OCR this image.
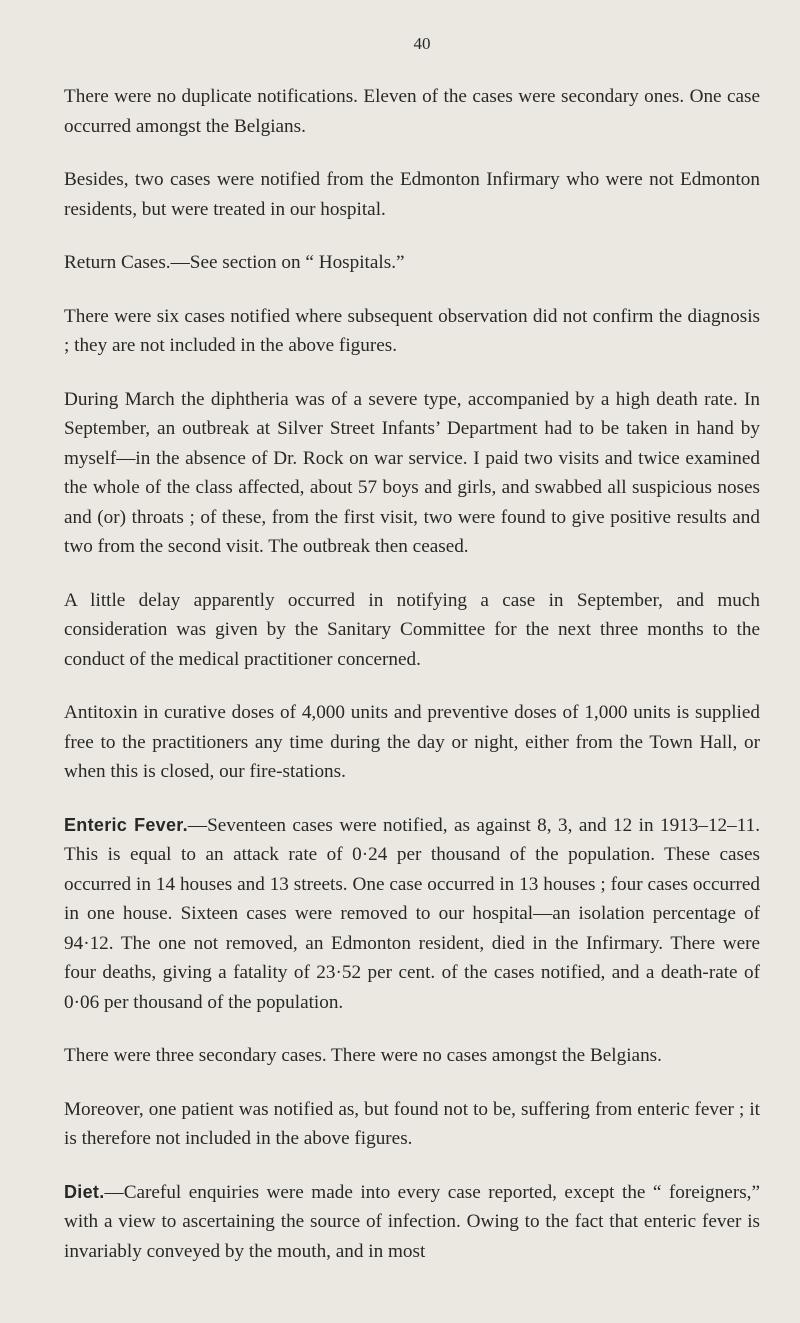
40

There were no duplicate notifications. Eleven of the cases were secondary ones. One case occurred amongst the Belgians.

Besides, two cases were notified from the Edmonton Infirmary who were not Edmonton residents, but were treated in our hospital.

Return Cases.—See section on “ Hospitals.”

There were six cases notified where subsequent observation did not confirm the diagnosis ; they are not included in the above figures.

During March the diphtheria was of a severe type, accompanied by a high death rate. In September, an outbreak at Silver Street Infants’ Department had to be taken in hand by myself—in the absence of Dr. Rock on war service. I paid two visits and twice examined the whole of the class affected, about 57 boys and girls, and swabbed all suspicious noses and (or) throats ; of these, from the first visit, two were found to give positive results and two from the second visit. The outbreak then ceased.

A little delay apparently occurred in notifying a case in September, and much consideration was given by the Sanitary Committee for the next three months to the conduct of the medical practitioner concerned.

Antitoxin in curative doses of 4,000 units and preventive doses of 1,000 units is supplied free to the practitioners any time during the day or night, either from the Town Hall, or when this is closed, our fire-stations.

Enteric Fever.—Seventeen cases were notified, as against 8, 3, and 12 in 1913–12–11. This is equal to an attack rate of 0·24 per thousand of the population. These cases occurred in 14 houses and 13 streets. One case occurred in 13 houses ; four cases occurred in one house. Sixteen cases were removed to our hospital—an isolation percentage of 94·12. The one not removed, an Edmonton resident, died in the Infirmary. There were four deaths, giving a fatality of 23·52 per cent. of the cases notified, and a death-rate of 0·06 per thousand of the population.

There were three secondary cases. There were no cases amongst the Belgians.

Moreover, one patient was notified as, but found not to be, suffering from enteric fever ; it is therefore not included in the above figures.

Diet.—Careful enquiries were made into every case reported, except the “ foreigners,” with a view to ascertaining the source of infection. Owing to the fact that enteric fever is invariably conveyed by the mouth, and in most
